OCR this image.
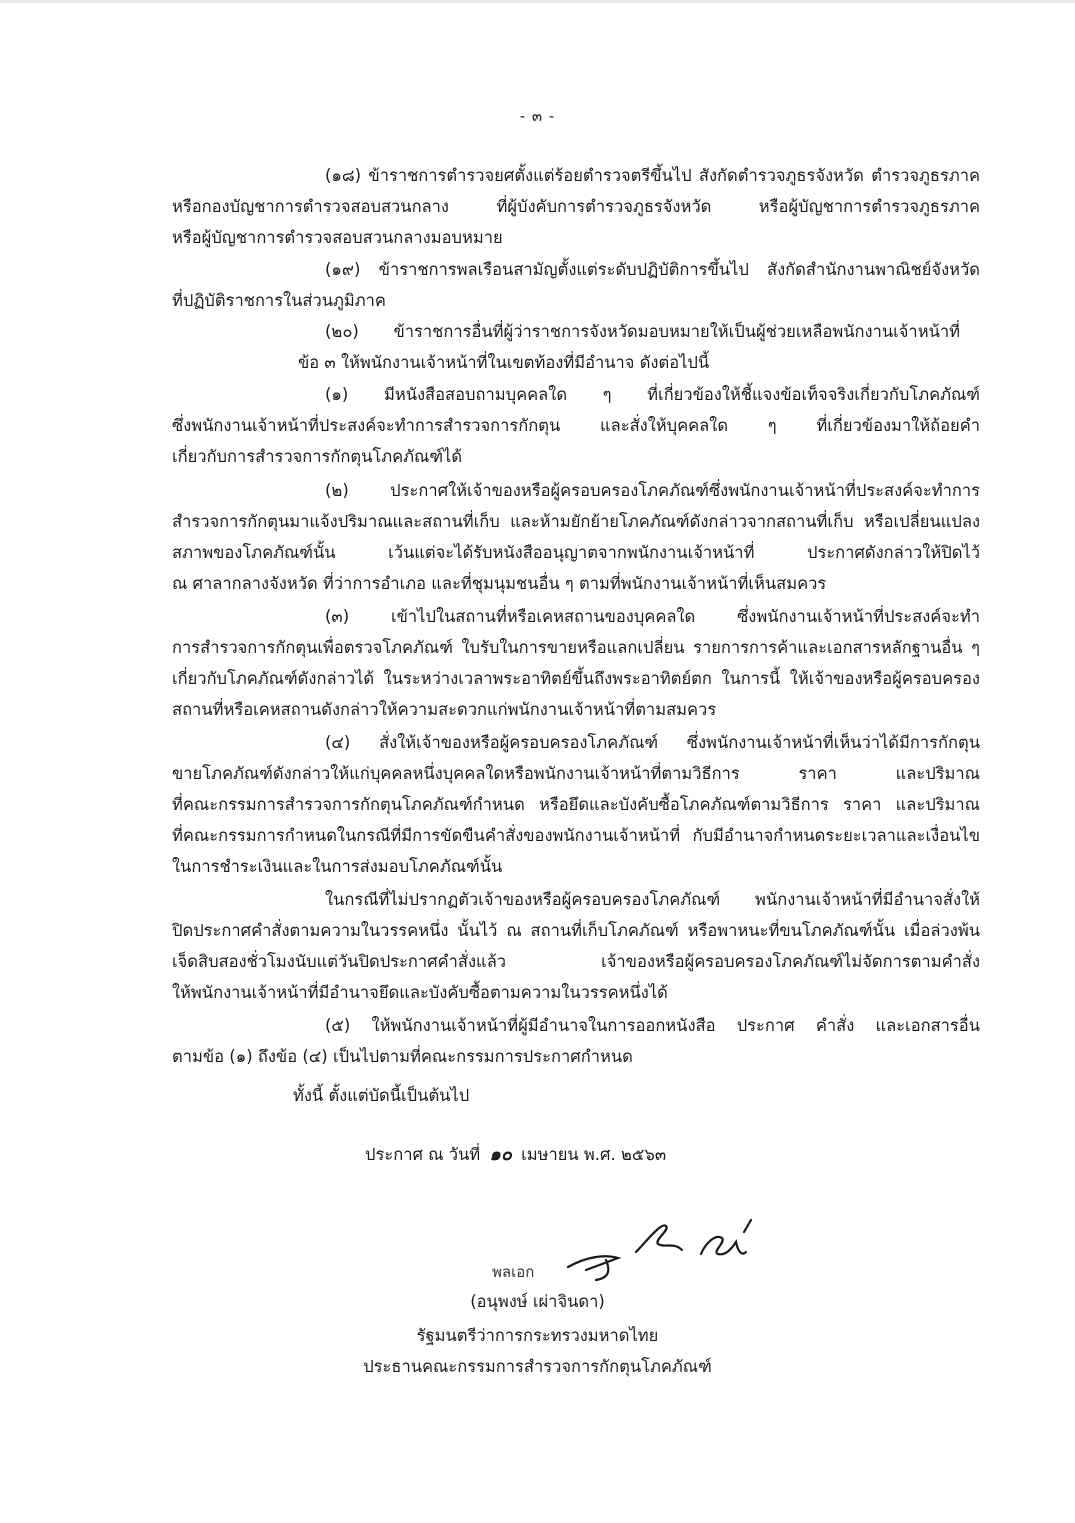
- ๓ -
(๑๘) ข้าราชการตำรวจยศตั้งแต่ร้อยตำรวจตรีขึ้นไป สังกัดตำรวจภูธรจังหวัด ตำรวจภูธรภาค
หรือกองบัญชาการตำรวจสอบสวนกลาง ที่ผู้บังคับการตำรวจภูธรจังหวัด หรือผู้บัญชาการตำรวจภูธรภาค
หรือผู้บัญชาการตำรวจสอบสวนกลางมอบหมาย
(๑๙) ข้าราชการพลเรือนสามัญตั้งแต่ระดับปฏิบัติการขึ้นไป สังกัดสำนักงานพาณิชย์จังหวัด
ที่ปฏิบัติราชการในส่วนภูมิภาค
(๒๐) ข้าราชการอื่นที่ผู้ว่าราชการจังหวัดมอบหมายให้เป็นผู้ช่วยเหลือพนักงานเจ้าหน้าที่
ข้อ ๓ ให้พนักงานเจ้าหน้าที่ในเขตท้องที่มีอำนาจ ดังต่อไปนี้
(๑) มีหนังสือสอบถามบุคคลใด ๆ ที่เกี่ยวข้องให้ชี้แจงข้อเท็จจริงเกี่ยวกับโภคภัณฑ์
ซึ่งพนักงานเจ้าหน้าที่ประสงค์จะทำการสำรวจการกักตุน และสั่งให้บุคคลใด ๆ ที่เกี่ยวข้องมาให้ถ้อยคำ
เกี่ยวกับการสำรวจการกักตุนโภคภัณฑ์ได้
(๒) ประกาศให้เจ้าของหรือผู้ครอบครองโภคภัณฑ์ซึ่งพนักงานเจ้าหน้าที่ประสงค์จะทำการ
สำรวจการกักตุนมาแจ้งปริมาณและสถานที่เก็บ และห้ามยักย้ายโภคภัณฑ์ดังกล่าวจากสถานที่เก็บ หรือเปลี่ยนแปลง
สภาพของโภคภัณฑ์นั้น เว้นแต่จะได้รับหนังสืออนุญาตจากพนักงานเจ้าหน้าที่ ประกาศดังกล่าวให้ปิดไว้
ณ ศาลากลางจังหวัด ที่ว่าการอำเภอ และที่ชุมนุมชนอื่น ๆ ตามที่พนักงานเจ้าหน้าที่เห็นสมควร
(๓) เข้าไปในสถานที่หรือเคหสถานของบุคคลใด ซึ่งพนักงานเจ้าหน้าที่ประสงค์จะทำ
การสำรวจการกักตุนเพื่อตรวจโภคภัณฑ์ ใบรับในการขายหรือแลกเปลี่ยน รายการการค้าและเอกสารหลักฐานอื่น ๆ
เกี่ยวกับโภคภัณฑ์ดังกล่าวได้ ในระหว่างเวลาพระอาทิตย์ขึ้นถึงพระอาทิตย์ตก ในการนี้ ให้เจ้าของหรือผู้ครอบครอง
สถานที่หรือเคหสถานดังกล่าวให้ความสะดวกแก่พนักงานเจ้าหน้าที่ตามสมควร
(๔) สั่งให้เจ้าของหรือผู้ครอบครองโภคภัณฑ์ ซึ่งพนักงานเจ้าหน้าที่เห็นว่าได้มีการกักตุน
ขายโภคภัณฑ์ดังกล่าวให้แก่บุคคลหนึ่งบุคคลใดหรือพนักงานเจ้าหน้าที่ตามวิธีการ ราคา และปริมาณ
ที่คณะกรรมการสำรวจการกักตุนโภคภัณฑ์กำหนด หรือยึดและบังคับซื้อโภคภัณฑ์ตามวิธีการ ราคา และปริมาณ
ที่คณะกรรมการกำหนดในกรณีที่มีการขัดขืนคำสั่งของพนักงานเจ้าหน้าที่ กับมีอำนาจกำหนดระยะเวลาและเงื่อนไข
ในการชำระเงินและในการส่งมอบโภคภัณฑ์นั้น
ในกรณีที่ไม่ปรากฏตัวเจ้าของหรือผู้ครอบครองโภคภัณฑ์ พนักงานเจ้าหน้าที่มีอำนาจสั่งให้
ปิดประกาศคำสั่งตามความในวรรคหนึ่ง นั้นไว้ ณ สถานที่เก็บโภคภัณฑ์ หรือพาหนะที่ขนโภคภัณฑ์นั้น เมื่อล่วงพ้น
เจ็ดสิบสองชั่วโมงนับแต่วันปิดประกาศคำสั่งแล้ว เจ้าของหรือผู้ครอบครองโภคภัณฑ์ไม่จัดการตามคำสั่ง
ให้พนักงานเจ้าหน้าที่มีอำนาจยึดและบังคับซื้อตามความในวรรคหนึ่งได้
(๕) ให้พนักงานเจ้าหน้าที่ผู้มีอำนาจในการออกหนังสือ ประกาศ คำสั่ง และเอกสารอื่น
ตามข้อ (๑) ถึงข้อ (๔) เป็นไปตามที่คณะกรรมการประกาศกำหนด
ทั้งนี้ ตั้งแต่บัดนี้เป็นต้นไป
ประกาศ ณ วันที่ ๑๐ เมษายน พ.ศ. ๒๕๖๓
พลเอก
(อนุพงษ์ เผ่าจินดา)
รัฐมนตรีว่าการกระทรวงมหาดไทย
ประธานคณะกรรมการสำรวจการกักตุนโภคภัณฑ์
